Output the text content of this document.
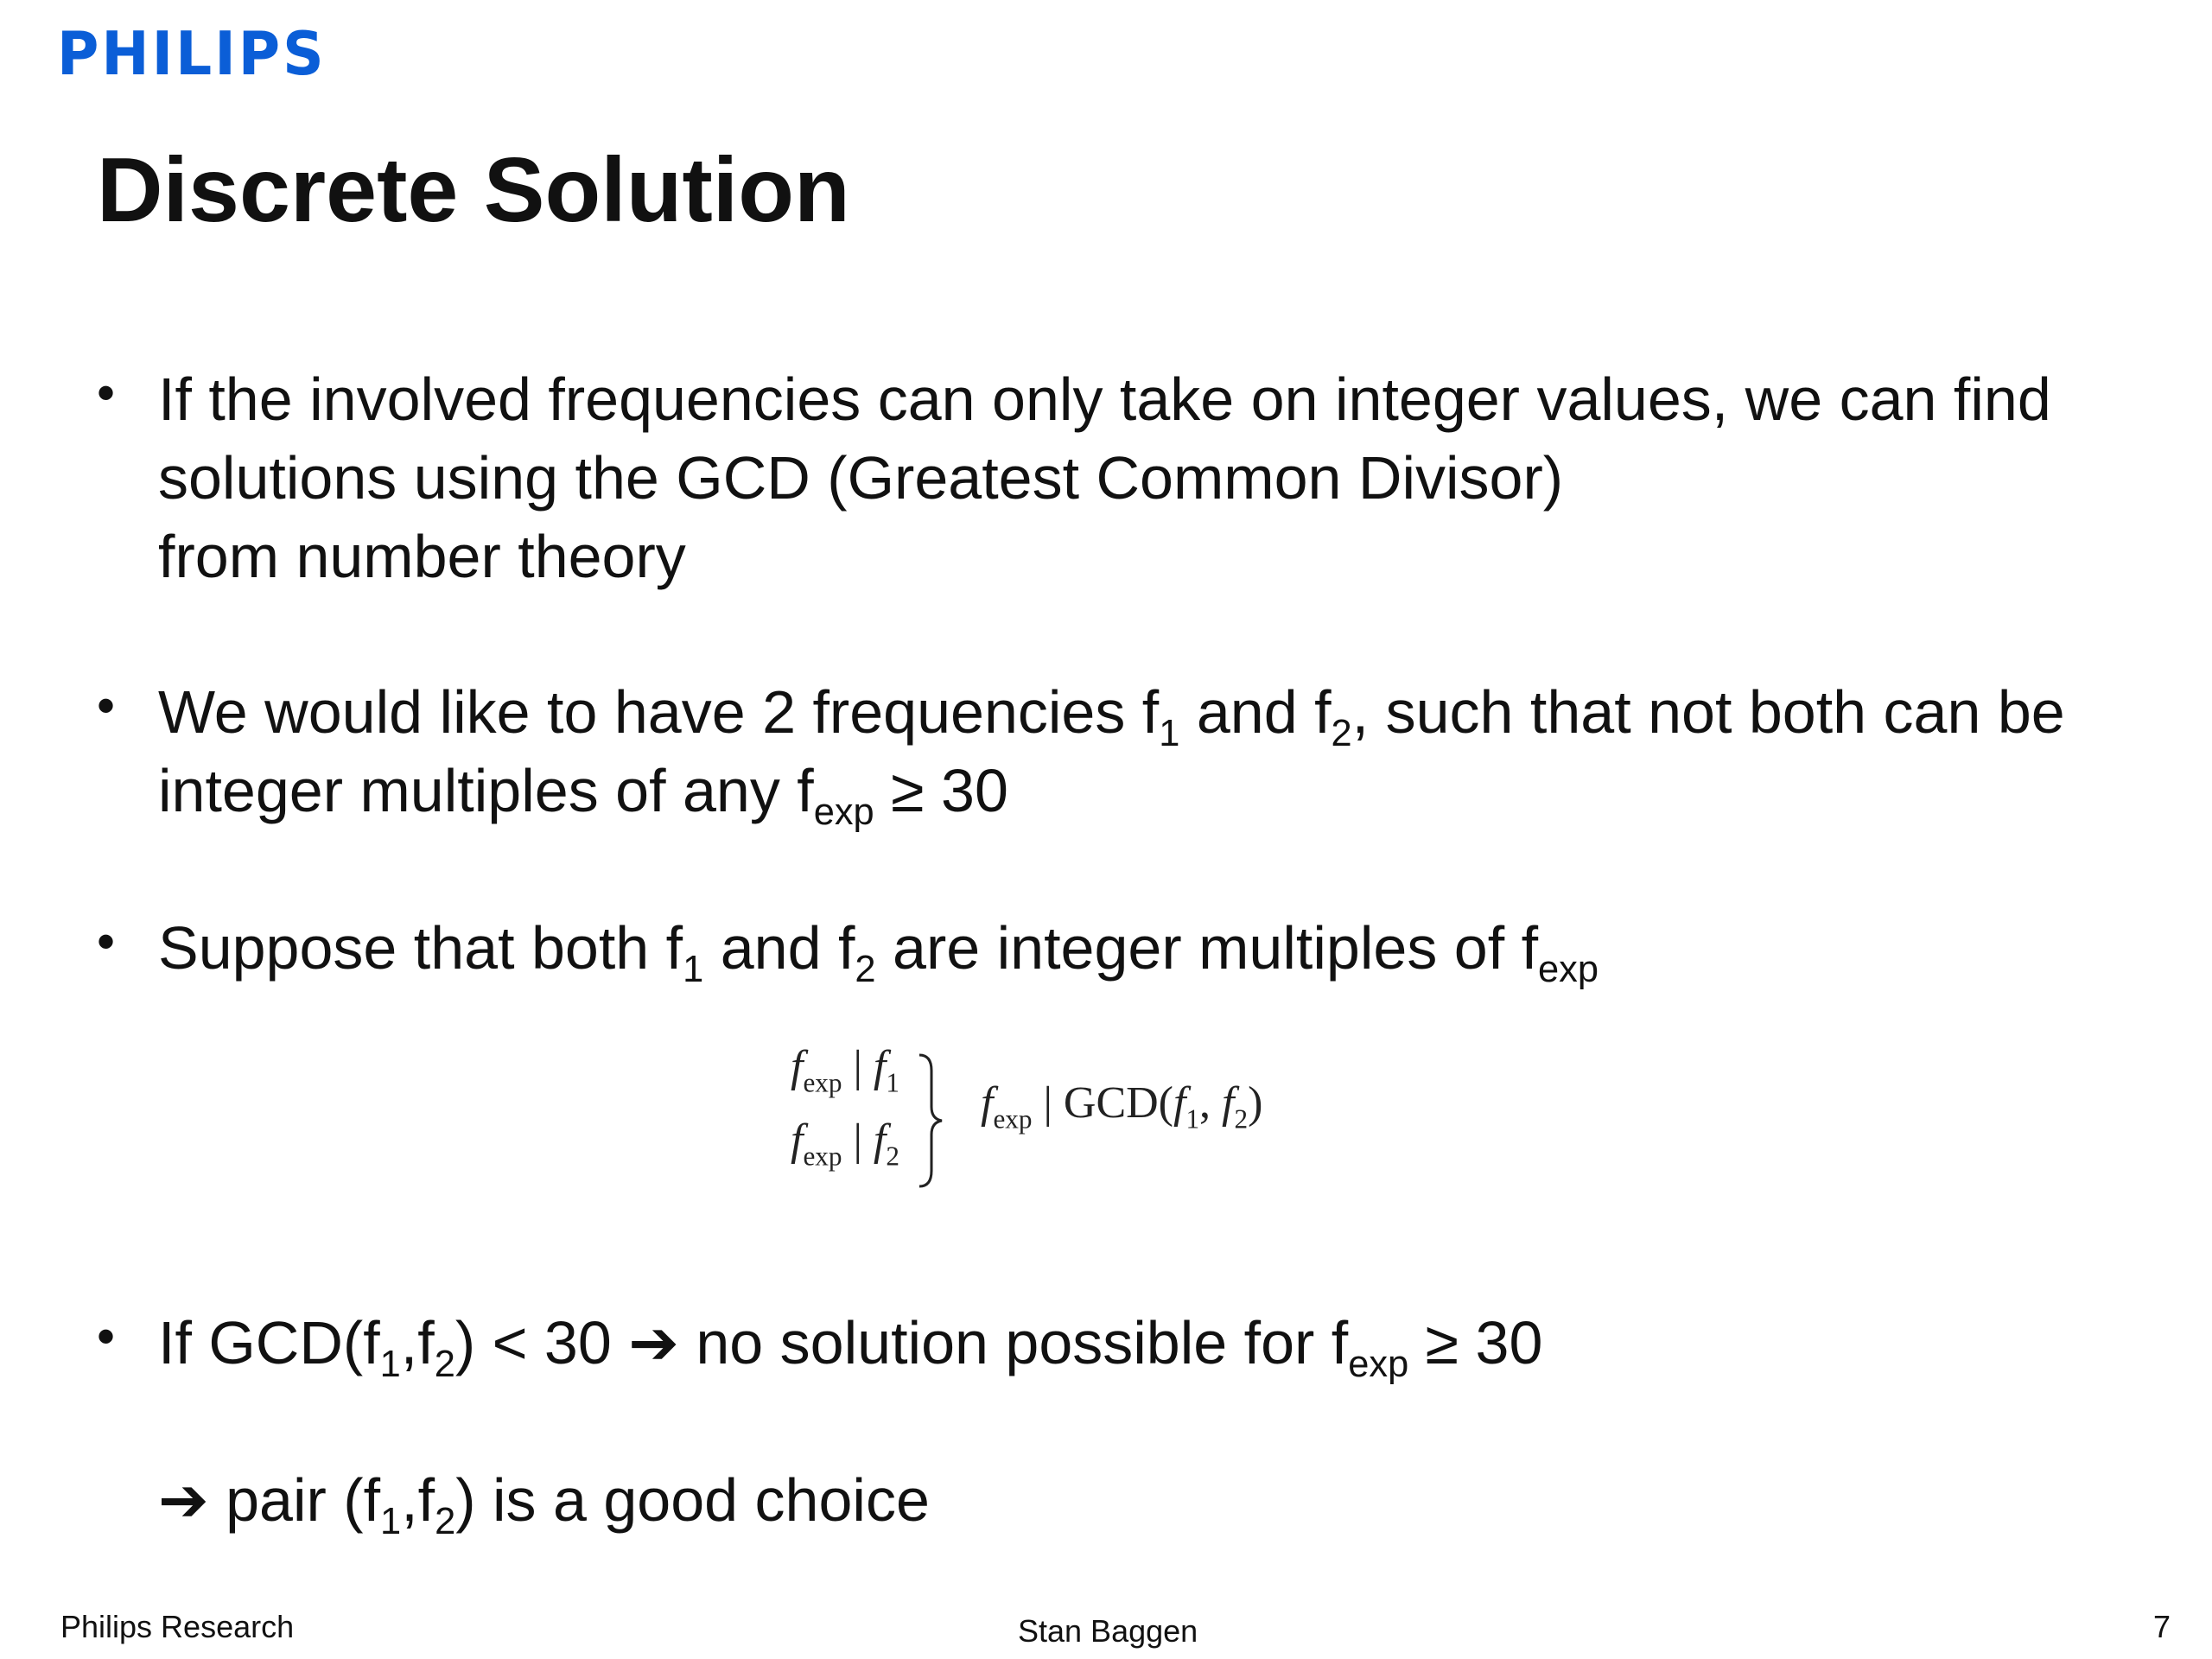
PHILIPS
Discrete Solution
• If the involved frequencies can only take on integer values, we can find
solutions using the GCD (Greatest Common Divisor)
from number theory
• We would like to have 2 frequencies $f_1$ and $f_2$, such that not both can be
integer multiples of any $f_{exp} \ge 30$
• Suppose that both $f_1$ and $f_2$ are integer multiples of $f_{exp}$
$f_{exp}$ | $f_1$
$f_{exp}$ | $f_2$
$f_{exp}$ | $GCD(f_1$, $f_2$)
• If $GCD(f_1,f_2) < 30$ ➔ no solution possible for $f_{exp} \ge 30$
➔ pair $(f_1,f_2)$ is a good choice
Philips Research	Stan Baggen	7
